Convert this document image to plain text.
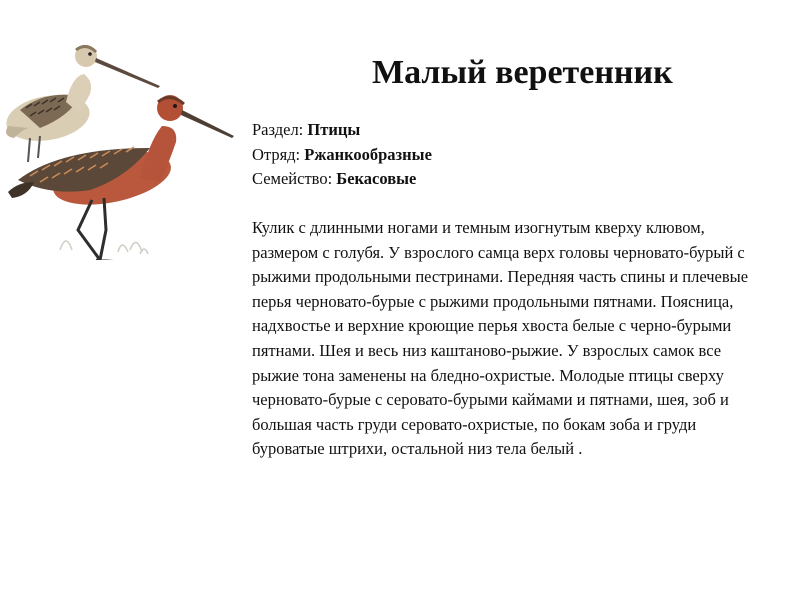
Малый веретенник
Раздел: Птицы
Отряд: Ржанкообразные
Семейство: Бекасовые

Кулик с длинными ногами и темным изогнутым кверху клювом, размером с голубя. У взрослого самца верх головы черновато-бурый с рыжими продольными пестринами. Передняя часть спины и плечевые перья черновато-бурые с рыжими продольными пятнами. Поясница, надхвостье и верхние кроющие перья хвоста белые с черно-бурыми пятнами. Шея и весь низ каштаново-рыжие. У взрослых самок все рыжие тона заменены на бледно-охристые. Молодые птицы сверху черновато-бурые с серовато-бурыми каймами и пятнами, шея, зоб и большая часть груди серовато-охристые, по бокам зоба и груди буроватые штрихи, остальной низ тела белый .
